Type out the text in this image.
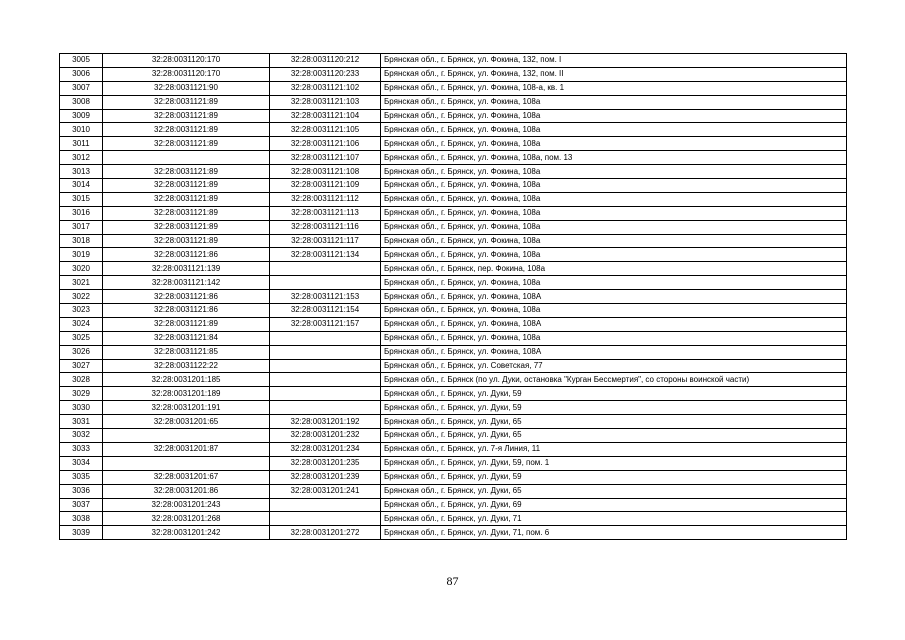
3005	32:28:0031120:170	32:28:0031120:212	Брянская обл., г. Брянск, ул. Фокина, 132, пом. I
3006	32:28:0031120:170	32:28:0031120:233	Брянская обл., г. Брянск, ул. Фокина, 132, пом. II
3007	32:28:0031121:90	32:28:0031121:102	Брянская обл., г. Брянск, ул. Фокина, 108-а, кв. 1
3008	32:28:0031121:89	32:28:0031121:103	Брянская обл., г. Брянск, ул. Фокина, 108а
3009	32:28:0031121:89	32:28:0031121:104	Брянская обл., г. Брянск, ул. Фокина, 108а
3010	32:28:0031121:89	32:28:0031121:105	Брянская обл., г. Брянск, ул. Фокина, 108а
3011	32:28:0031121:89	32:28:0031121:106	Брянская обл., г. Брянск, ул. Фокина, 108а
3012		32:28:0031121:107	Брянская обл., г. Брянск, ул. Фокина, 108а, пом. 13
3013	32:28:0031121:89	32:28:0031121:108	Брянская обл., г. Брянск, ул. Фокина, 108а
3014	32:28:0031121:89	32:28:0031121:109	Брянская обл., г. Брянск, ул. Фокина, 108а
3015	32:28:0031121:89	32:28:0031121:112	Брянская обл., г. Брянск, ул. Фокина, 108а
3016	32:28:0031121:89	32:28:0031121:113	Брянская обл., г. Брянск, ул. Фокина, 108а
3017	32:28:0031121:89	32:28:0031121:116	Брянская обл., г. Брянск, ул. Фокина, 108а
3018	32:28:0031121:89	32:28:0031121:117	Брянская обл., г. Брянск, ул. Фокина, 108а
3019	32:28:0031121:86	32:28:0031121:134	Брянская обл., г. Брянск, ул. Фокина, 108а
3020	32:28:0031121:139		Брянская обл., г. Брянск, пер. Фокина, 108а
3021	32:28:0031121:142		Брянская обл., г. Брянск, ул. Фокина, 108а
3022	32:28:0031121:86	32:28:0031121:153	Брянская обл., г. Брянск, ул. Фокина, 108А
3023	32:28:0031121:86	32:28:0031121:154	Брянская обл., г. Брянск, ул. Фокина, 108а
3024	32:28:0031121:89	32:28:0031121:157	Брянская обл., г. Брянск, ул. Фокина, 108А
3025	32:28:0031121:84		Брянская обл., г. Брянск, ул. Фокина, 108а
3026	32:28:0031121:85		Брянская обл., г. Брянск, ул. Фокина, 108А
3027	32:28:0031122:22		Брянская обл., г. Брянск, ул. Советская, 77
3028	32:28:0031201:185		Брянская обл., г. Брянск (по ул. Дуки, остановка "Курган Бессмертия", со стороны воинской части)
3029	32:28:0031201:189		Брянская обл., г. Брянск, ул. Дуки, 59
3030	32:28:0031201:191		Брянская обл., г. Брянск, ул. Дуки, 59
3031	32:28:0031201:65	32:28:0031201:192	Брянская обл., г. Брянск, ул. Дуки, 65
3032		32:28:0031201:232	Брянская обл., г. Брянск, ул. Дуки, 65
3033	32:28:0031201:87	32:28:0031201:234	Брянская обл., г. Брянск, ул. 7-я Линия, 11
3034		32:28:0031201:235	Брянская обл., г. Брянск, ул. Дуки, 59, пом. 1
3035	32:28:0031201:67	32:28:0031201:239	Брянская обл., г. Брянск, ул. Дуки, 59
3036	32:28:0031201:86	32:28:0031201:241	Брянская обл., г. Брянск, ул. Дуки, 65
3037	32:28:0031201:243		Брянская обл., г. Брянск, ул. Дуки, 69
3038	32:28:0031201:268		Брянская обл., г. Брянск, ул. Дуки, 71
3039	32:28:0031201:242	32:28:0031201:272	Брянская обл., г. Брянск, ул. Дуки, 71, пом. 6
87
